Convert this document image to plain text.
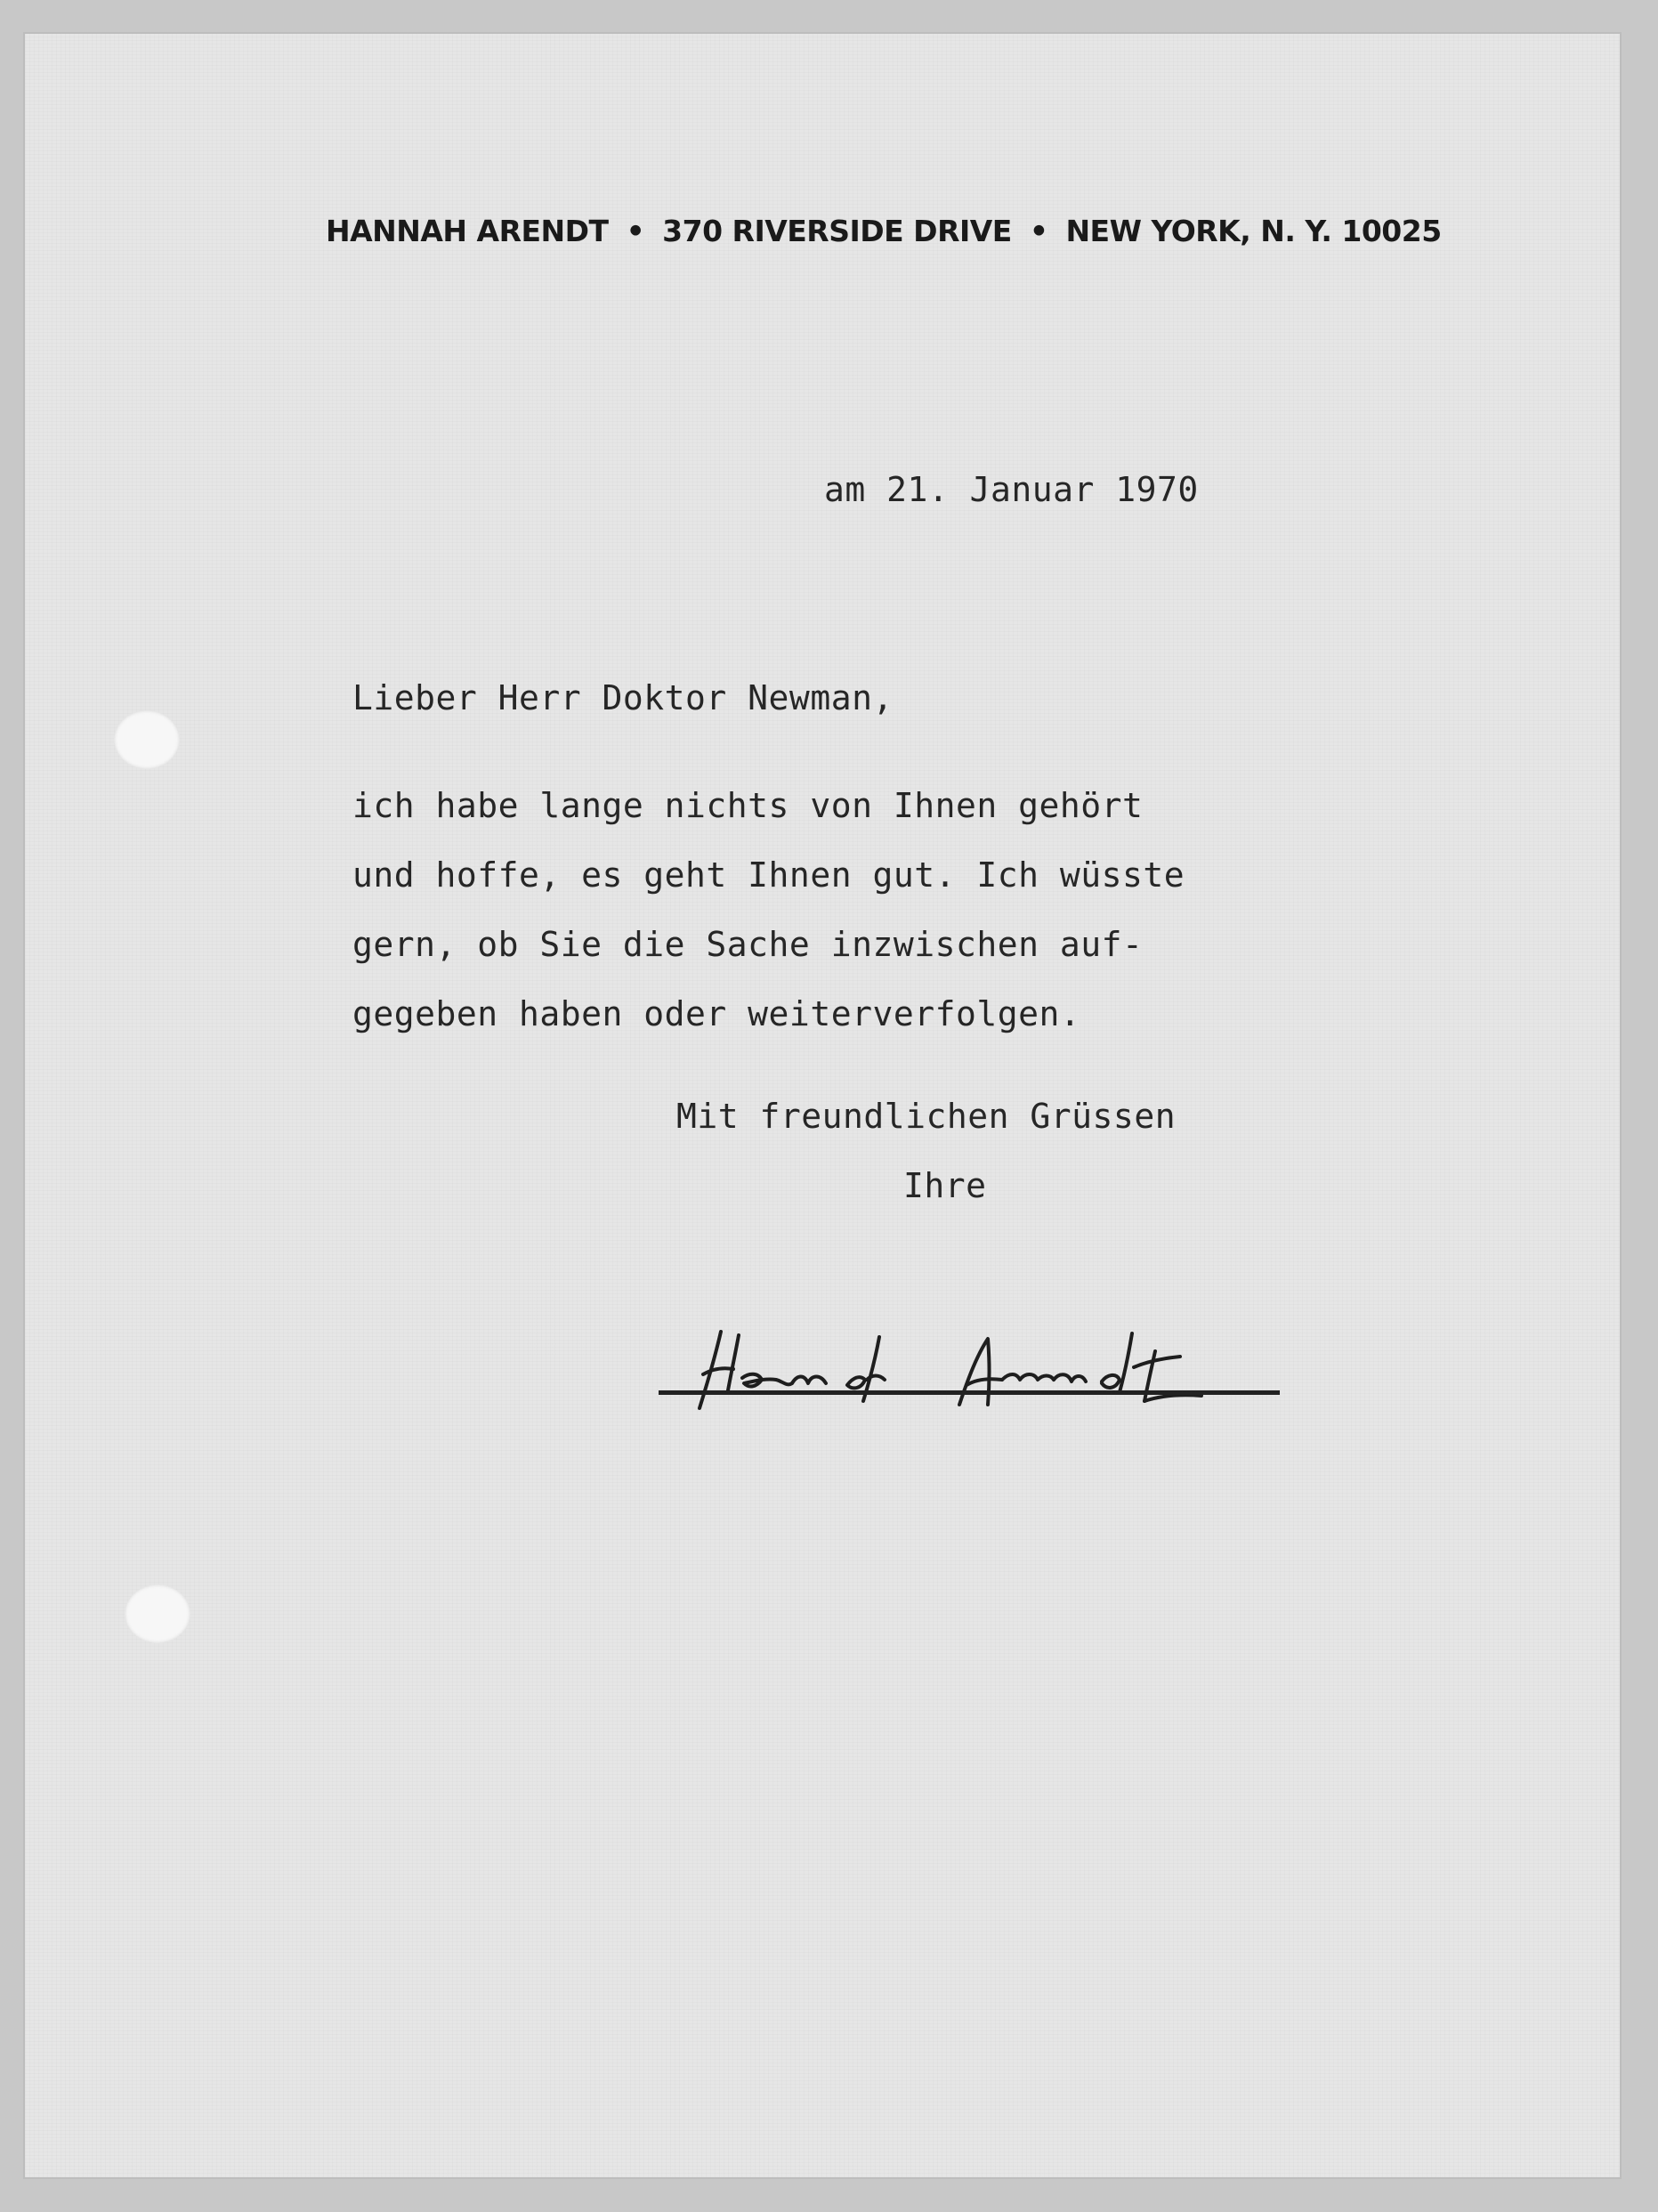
HANNAH ARENDT • 370 RIVERSIDE DRIVE • NEW YORK, N. Y. 10025
am 21. Januar 1970
Lieber Herr Doktor Newman,
ich habe lange nichts von Ihnen gehört
und hoffe, es geht Ihnen gut. Ich wüsste
gern, ob Sie die Sache inzwischen auf-
gegeben haben oder weiterverfolgen.
Mit freundlichen Grüssen
Ihre
